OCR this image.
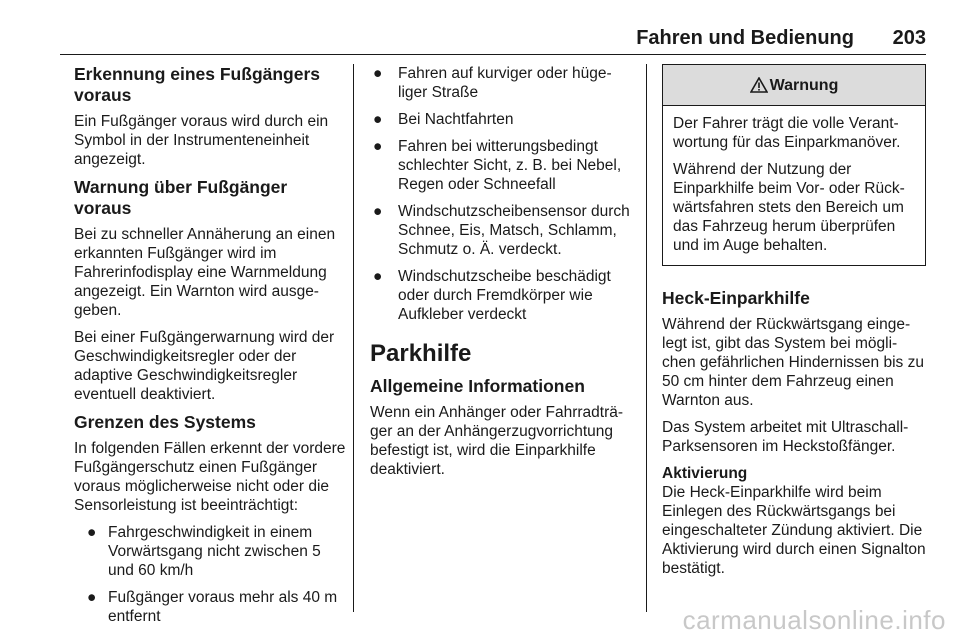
Fahren und Bedienung 203
Erkennung eines Fußgängers voraus

Ein Fußgänger voraus wird durch ein Symbol in der Instrumenteneinheit angezeigt.

Warnung über Fußgänger voraus

Bei zu schneller Annäherung an einen erkannten Fußgänger wird im Fahrerinfodisplay eine Warnmeldung angezeigt. Ein Warnton wird ausge‑ geben.

Bei einer Fußgängerwarnung wird der Geschwindigkeitsregler oder der adaptive Geschwindigkeitsregler eventuell deaktiviert.

Grenzen des Systems

In folgenden Fällen erkennt der vordere Fußgängerschutz einen Fußgänger voraus möglicherweise nicht oder die Sensorleistung ist beeinträchtigt:

● Fahrgeschwindigkeit in einem Vorwärtsgang nicht zwischen 5 und 60 km/h
● Fußgänger voraus mehr als 40 m entfernt
● Fahren auf kurviger oder hüge‑ liger Straße
● Bei Nachtfahrten
● Fahren bei witterungsbedingt schlechter Sicht, z. B. bei Nebel, Regen oder Schneefall
● Windschutzscheibensensor durch Schnee, Eis, Matsch, Schlamm, Schmutz o. Ä. verdeckt.
● Windschutzscheibe beschädigt oder durch Fremdkörper wie Aufkleber verdeckt
Parkhilfe
Allgemeine Informationen

Wenn ein Anhänger oder Fahrradträ‑ ger an der Anhängerzugvorrichtung befestigt ist, wird die Einparkhilfe deaktiviert.

Warnung

Der Fahrer trägt die volle Verant‑ wortung für das Einparkmanöver.

Während der Nutzung der Einparkhilfe beim Vor‑ oder Rück‑ wärtsfahren stets den Bereich um das Fahrzeug herum überprüfen und im Auge behalten.

Heck‑Einparkhilfe

Während der Rückwärtsgang einge‑ legt ist, gibt das System bei mögli‑ chen gefährlichen Hindernissen bis zu 50 cm hinter dem Fahrzeug einen Warnton aus.

Das System arbeitet mit Ultraschall‑ Parksensoren im Heckstoßfänger.

Aktivierung

Die Heck‑Einparkhilfe wird beim Einlegen des Rückwärtsgangs bei eingeschalteter Zündung aktiviert. Die Aktivierung wird durch einen Signalton bestätigt.

carmanualsonline.info
